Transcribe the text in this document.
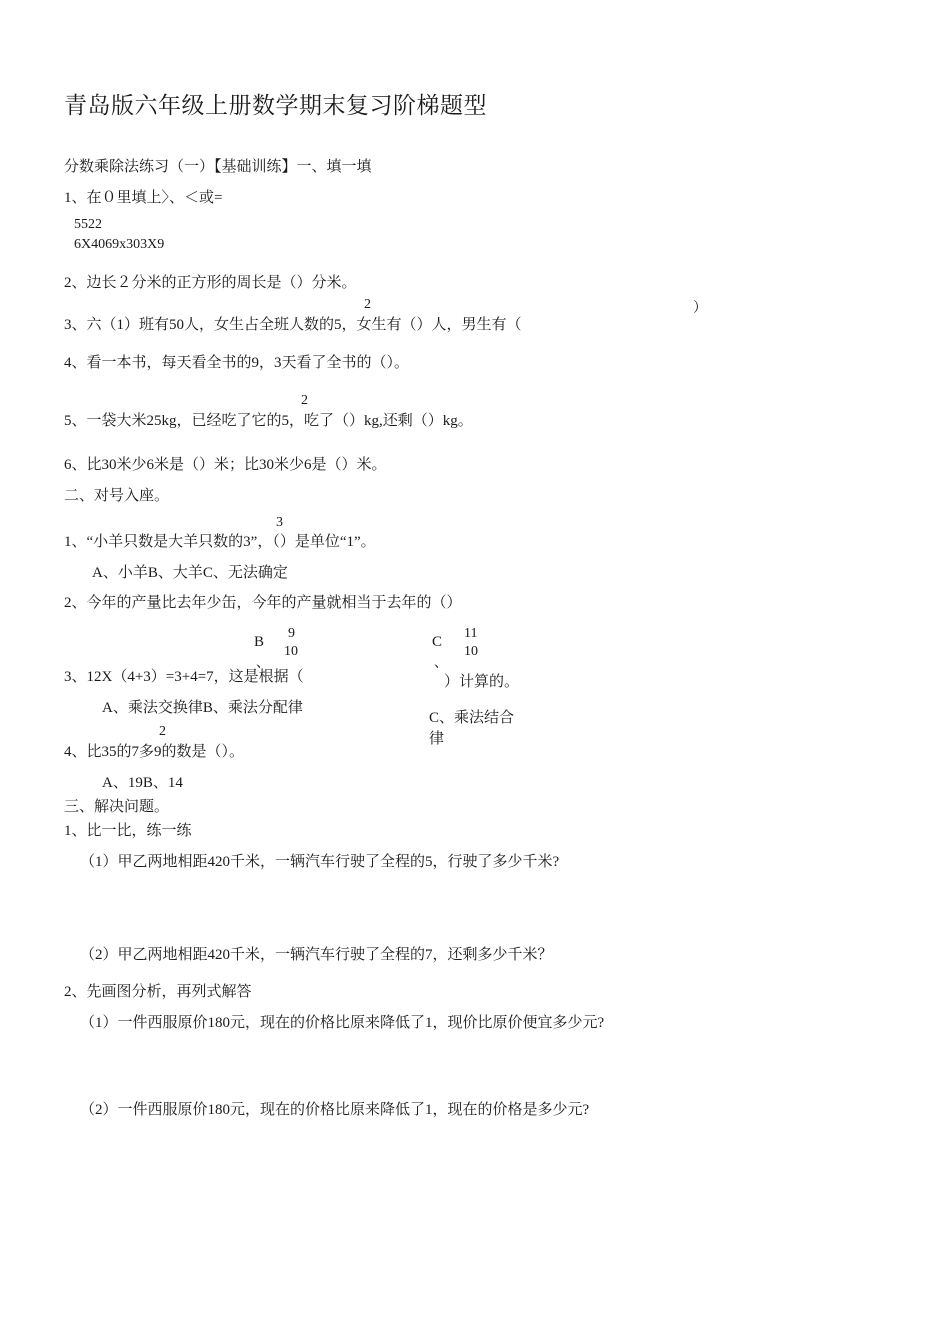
青岛版六年级上册数学期末复习阶梯题型
分数乘除法练习（一）【基础训练】一、填一填
1、在０里填上〉、＜或=
5522
6X4069x303X9
2、边长２分米的正方形的周长是（）分米。
2
3、六（1）班有50人，女生占全班人数的5，女生有（）人，男生有（
）
4、看一本书，每天看全书的9，3天看了全书的（）。
2
5、一袋大米25kg，已经吃了它的5，吃了（）kg,还剩（）kg。
6、比30米少6米是（）米；比30米少6是（）米。
二、对号入座。
3
1、“小羊只数是大羊只数的3”，（）是单位“1”。
A、小羊B、大羊C、无法确定
2、今年的产量比去年少缶，今年的产量就相当于去年的（）
B
9
10
、
C
11
10
、
3、12X（4+3）=3+4=7，这是根据（	）计算的。
A、乘法交换律B、乘法分配律
C、乘法结合
律
2
4、比35的7多9的数是（）。
A、19B、14
三、解决问题。
1、比一比，练一练
（1）甲乙两地相距420千米，一辆汽车行驶了全程的5，行驶了多少千米?
（2）甲乙两地相距420千米，一辆汽车行驶了全程的7，还剩多少千米？
2、先画图分析，再列式解答
（1）一件西服原价180元，现在的价格比原来降低了1，现价比原价便宜多少元?
（2）一件西服原价180元，现在的价格比原来降低了1，现在的价格是多少元?
